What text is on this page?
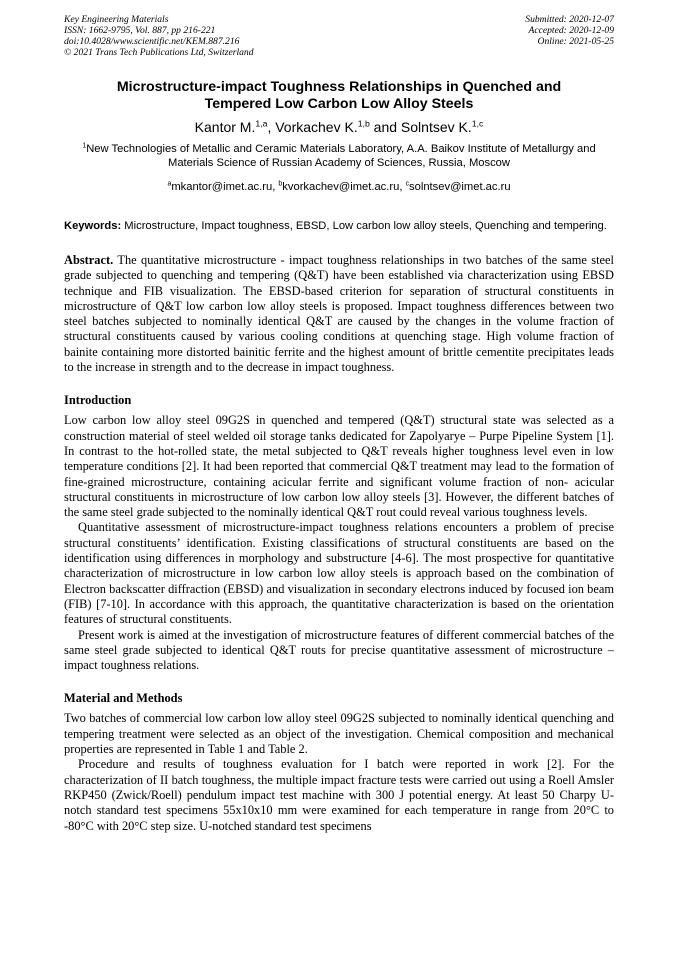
Key Engineering Materials
ISSN: 1662-9795, Vol. 887, pp 216-221
doi:10.4028/www.scientific.net/KEM.887.216
© 2021 Trans Tech Publications Ltd, Switzerland
Submitted: 2020-12-07
Accepted: 2020-12-09
Online: 2021-05-25
Microstructure-impact Toughness Relationships in Quenched and
Tempered Low Carbon Low Alloy Steels
Kantor M.$^{1,a}$, Vorkachev K.$^{1,b}$ and Solntsev K.$^{1,c}$
$^1$New Technologies of Metallic and Ceramic Materials Laboratory, A.A. Baikov Institute of Metallurgy and Materials Science of Russian Academy of Sciences, Russia, Moscow
$^a$mkantor@imet.ac.ru, $^b$kvorkachev@imet.ac.ru, $^c$solntsev@imet.ac.ru
Keywords: Microstructure, Impact toughness, EBSD, Low carbon low alloy steels, Quenching and tempering.
Abstract. The quantitative microstructure - impact toughness relationships in two batches of the same steel grade subjected to quenching and tempering (Q&T) have been established via characterization using EBSD technique and FIB visualization. The EBSD-based criterion for separation of structural constituents in microstructure of Q&T low carbon low alloy steels is proposed. Impact toughness differences between two steel batches subjected to nominally identical Q&T are caused by the changes in the volume fraction of structural constituents caused by various cooling conditions at quenching stage. High volume fraction of bainite containing more distorted bainitic ferrite and the highest amount of brittle cementite precipitates leads to the increase in strength and to the decrease in impact toughness.
Introduction

Low carbon low alloy steel 09G2S in quenched and tempered (Q&T) structural state was selected as a construction material of steel welded oil storage tanks dedicated for Zapolyarye – Purpe Pipeline System [1]. In contrast to the hot-rolled state, the metal subjected to Q&T reveals higher toughness level even in low temperature conditions [2]. It had been reported that commercial Q&T treatment may lead to the formation of fine-grained microstructure, containing acicular ferrite and significant volume fraction of non- acicular structural constituents in microstructure of low carbon low alloy steels [3]. However, the different batches of the same steel grade subjected to the nominally identical Q&T rout could reveal various toughness levels.

Quantitative assessment of microstructure-impact toughness relations encounters a problem of precise structural constituents’ identification. Existing classifications of structural constituents are based on the identification using differences in morphology and substructure [4-6]. The most prospective for quantitative characterization of microstructure in low carbon low alloy steels is approach based on the combination of Electron backscatter diffraction (EBSD) and visualization in secondary electrons induced by focused ion beam (FIB) [7-10]. In accordance with this approach, the quantitative characterization is based on the orientation features of structural constituents.

Present work is aimed at the investigation of microstructure features of different commercial batches of the same steel grade subjected to identical Q&T routs for precise quantitative assessment of microstructure – impact toughness relations.

Material and Methods

Two batches of commercial low carbon low alloy steel 09G2S subjected to nominally identical quenching and tempering treatment were selected as an object of the investigation. Chemical composition and mechanical properties are represented in Table 1 and Table 2.

Procedure and results of toughness evaluation for I batch were reported in work [2]. For the characterization of II batch toughness, the multiple impact fracture tests were carried out using a Roell Amsler RKP450 (Zwick/Roell) pendulum impact test machine with 300 J potential energy. At least 50 Charpy U-notch standard test specimens 55x10x10 mm were examined for each temperature in range from 20°C to -80°C with 20°C step size. U-notched standard test specimens
